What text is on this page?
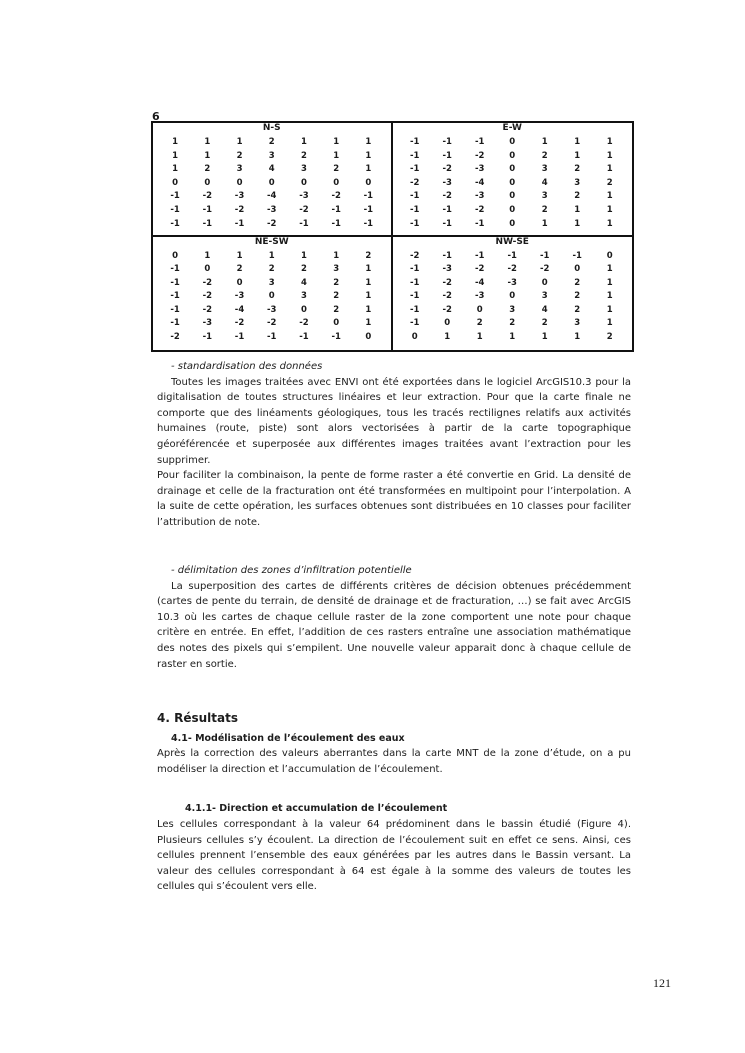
6
N-S
1	1	1	2	1	1	1
1	1	2	3	2	1	1
1	2	3	4	3	2	1
0	0	0	0	0	0	0
-1	-2	-3	-4	-3	-2	-1
-1	-1	-2	-3	-2	-1	-1
-1	-1	-1	-2	-1	-1	-1
E-W
-1	-1	-1	0	1	1	1
-1	-1	-2	0	2	1	1
-1	-2	-3	0	3	2	1
-2	-3	-4	0	4	3	2
-1	-2	-3	0	3	2	1
-1	-1	-2	0	2	1	1
-1	-1	-1	0	1	1	1
NE-SW
0	1	1	1	1	1	2
-1	0	2	2	2	3	1
-1	-2	0	3	4	2	1
-1	-2	-3	0	3	2	1
-1	-2	-4	-3	0	2	1
-1	-3	-2	-2	-2	0	1
-2	-1	-1	-1	-1	-1	0
NW-SE
-2	-1	-1	-1	-1	-1	0
-1	-3	-2	-2	-2	0	1
-1	-2	-4	-3	0	2	1
-1	-2	-3	0	3	2	1
-1	-2	0	3	4	2	1
-1	0	2	2	2	3	1
0	1	1	1	1	1	2

- standardisation des données

Toutes les images traitées avec ENVI ont été exportées dans le logiciel ArcGIS10.3 pour la digitalisation de toutes structures linéaires et leur extraction. Pour que la carte finale ne comporte que des linéaments géologiques, tous les tracés rectilignes relatifs aux activités humaines (route, piste) sont alors vectorisées à partir de la carte topographique géoréférencée et superposée aux différentes images traitées avant l’extraction pour les supprimer.

Pour faciliter la combinaison, la pente de forme raster a été convertie en Grid. La densité de drainage et celle de la fracturation ont été transformées en multipoint pour l’interpolation. A la suite de cette opération, les surfaces obtenues sont distribuées en 10 classes pour faciliter l’attribution de note.

- délimitation des zones d’infiltration potentielle

La superposition des cartes de différents critères de décision obtenues précédemment (cartes de pente du terrain, de densité de drainage et de fracturation, …) se fait avec ArcGIS 10.3 où les cartes de chaque cellule raster de la zone comportent une note pour chaque critère en entrée. En effet, l’addition de ces rasters entraîne une association mathématique des notes des pixels qui s’empilent. Une nouvelle valeur apparait donc à chaque cellule de raster en sortie.

4. Résultats

4.1- Modélisation de l’écoulement des eaux

Après la correction des valeurs aberrantes dans la carte MNT de la zone d’étude, on a pu modéliser la direction et l’accumulation de l’écoulement.

4.1.1- Direction et accumulation de l’écoulement

Les cellules correspondant à la valeur 64 prédominent dans le bassin étudié (Figure 4). Plusieurs cellules s’y écoulent. La direction de l’écoulement suit en effet ce sens. Ainsi, ces cellules prennent l’ensemble des eaux générées par les autres dans le Bassin versant. La valeur des cellules correspondant à 64 est égale à la somme des valeurs de toutes les cellules qui s’écoulent vers elle.

121
